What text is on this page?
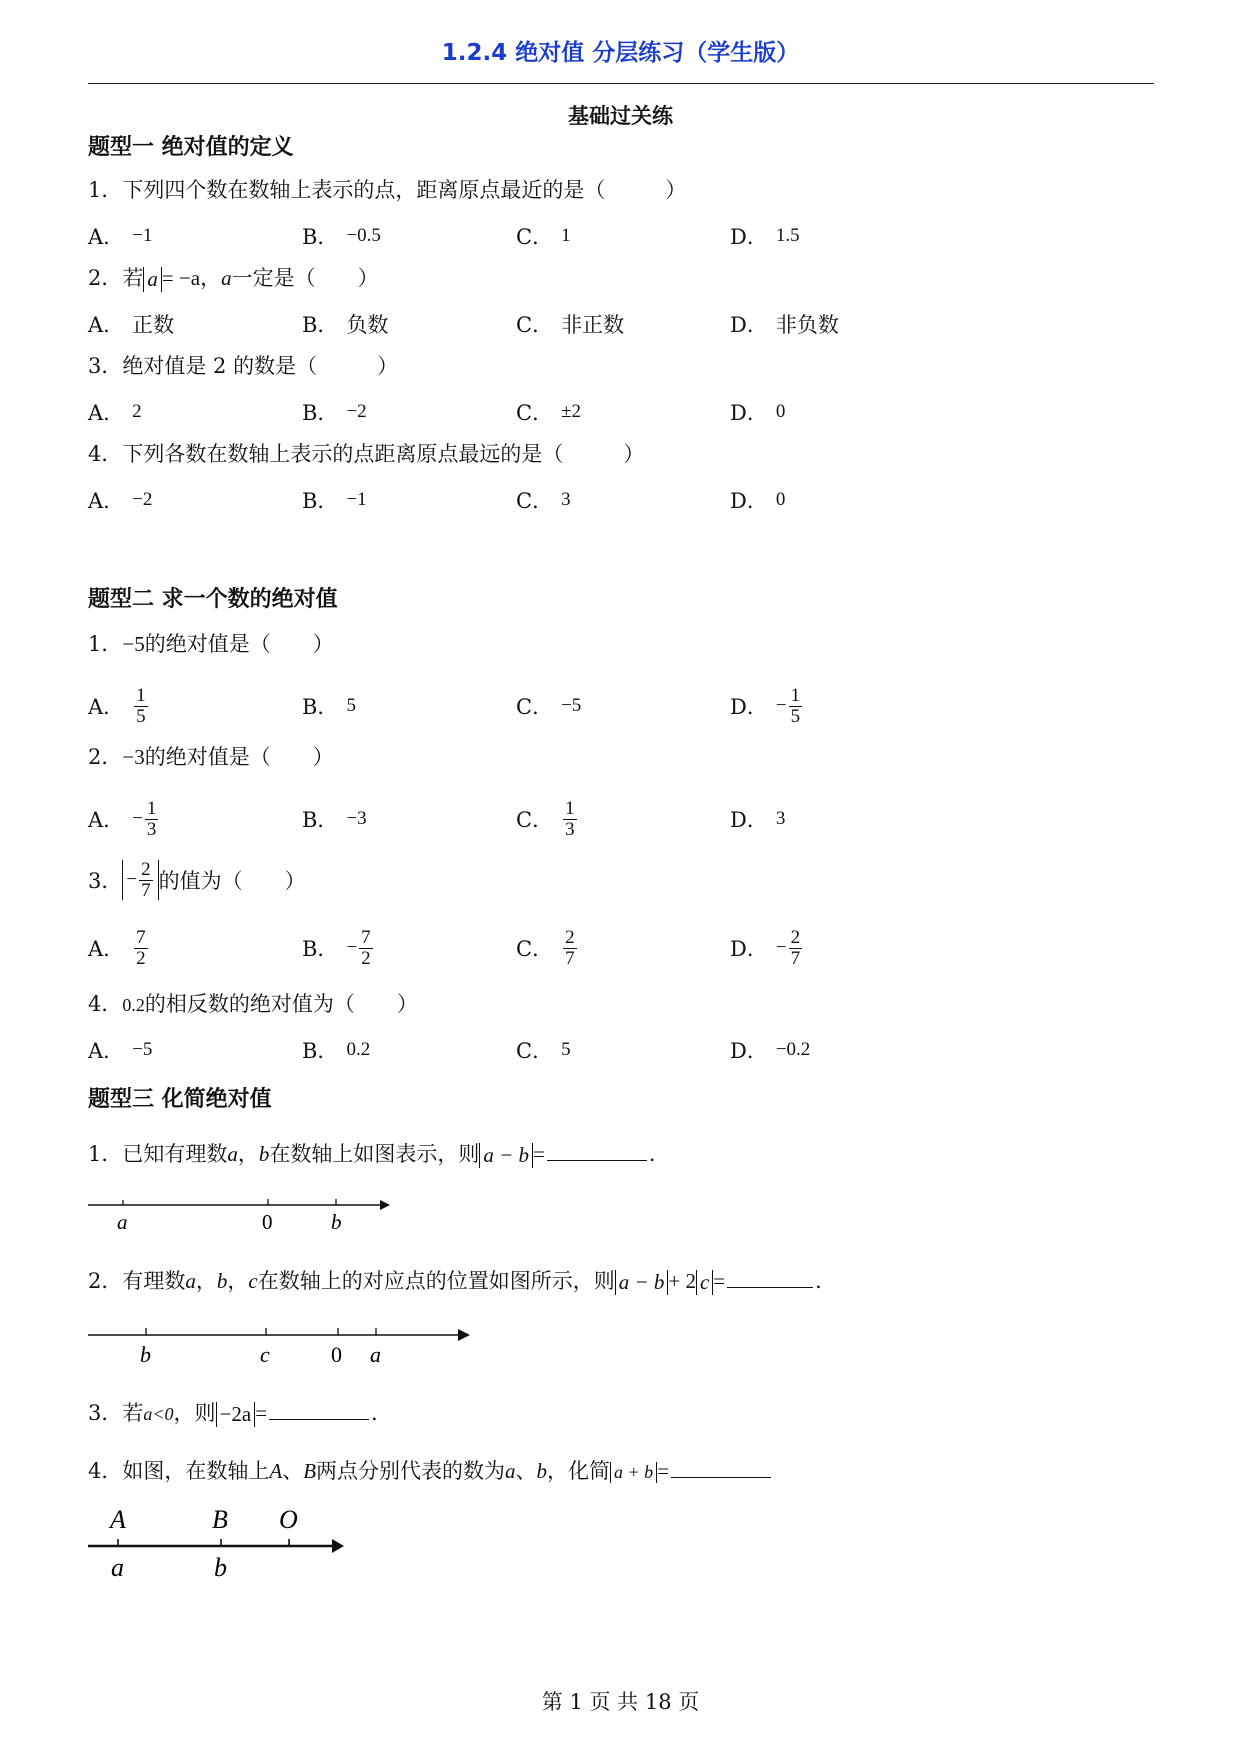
1.2.4 绝对值 分层练习（学生版）
基础过关练
题型一 绝对值的定义
1．下列四个数在数轴上表示的点，距离原点最近的是（	）
A． −1	B． −0.5	C． 1	D． 1.5
2．若 a = −a，a一定是（　　）
A． 正数	B． 负数	C． 非正数	D． 非负数
3．绝对值是 2 的数是（	）
A． 2	B． −2	C． ±2	D． 0
4．下列各数在数轴上表示的点距离原点最远的是（	）
A． −2	B． −1	C． 3	D． 0
题型二 求一个数的绝对值
1．−5的绝对值是（　　）
A． $\frac{1}{5}$	B． 5	C． −5	D． − $\frac{1}{5}$
2．−3的绝对值是（　　）
A． − $\frac{1}{3}$	B． −3	C． $\frac{1}{3}$	D． 3
3． − $\frac{2}{7}$ 的值为（　　）
A． $\frac{7}{2}$	B． − $\frac{7}{2}$	C． $\frac{2}{7}$	D． − $\frac{2}{7}$
4．0.2的相反数的绝对值为（　　）
A． −5	B． 0.2	C． 5	D． −0.2
题型三 化简绝对值
1．已知有理数a，b在数轴上如图表示，则 a − b =	.
a	0	b
2．有理数a，b，c在数轴上的对应点的位置如图所示，则 a − b + 2 c =	.
b	c	0 a
3．若a<0，则 −2a =	.
4．如图，在数轴上A、B两点分别代表的数为a、b，化简 a + b =
A	B O
a	b
第 1 页 共 18 页
